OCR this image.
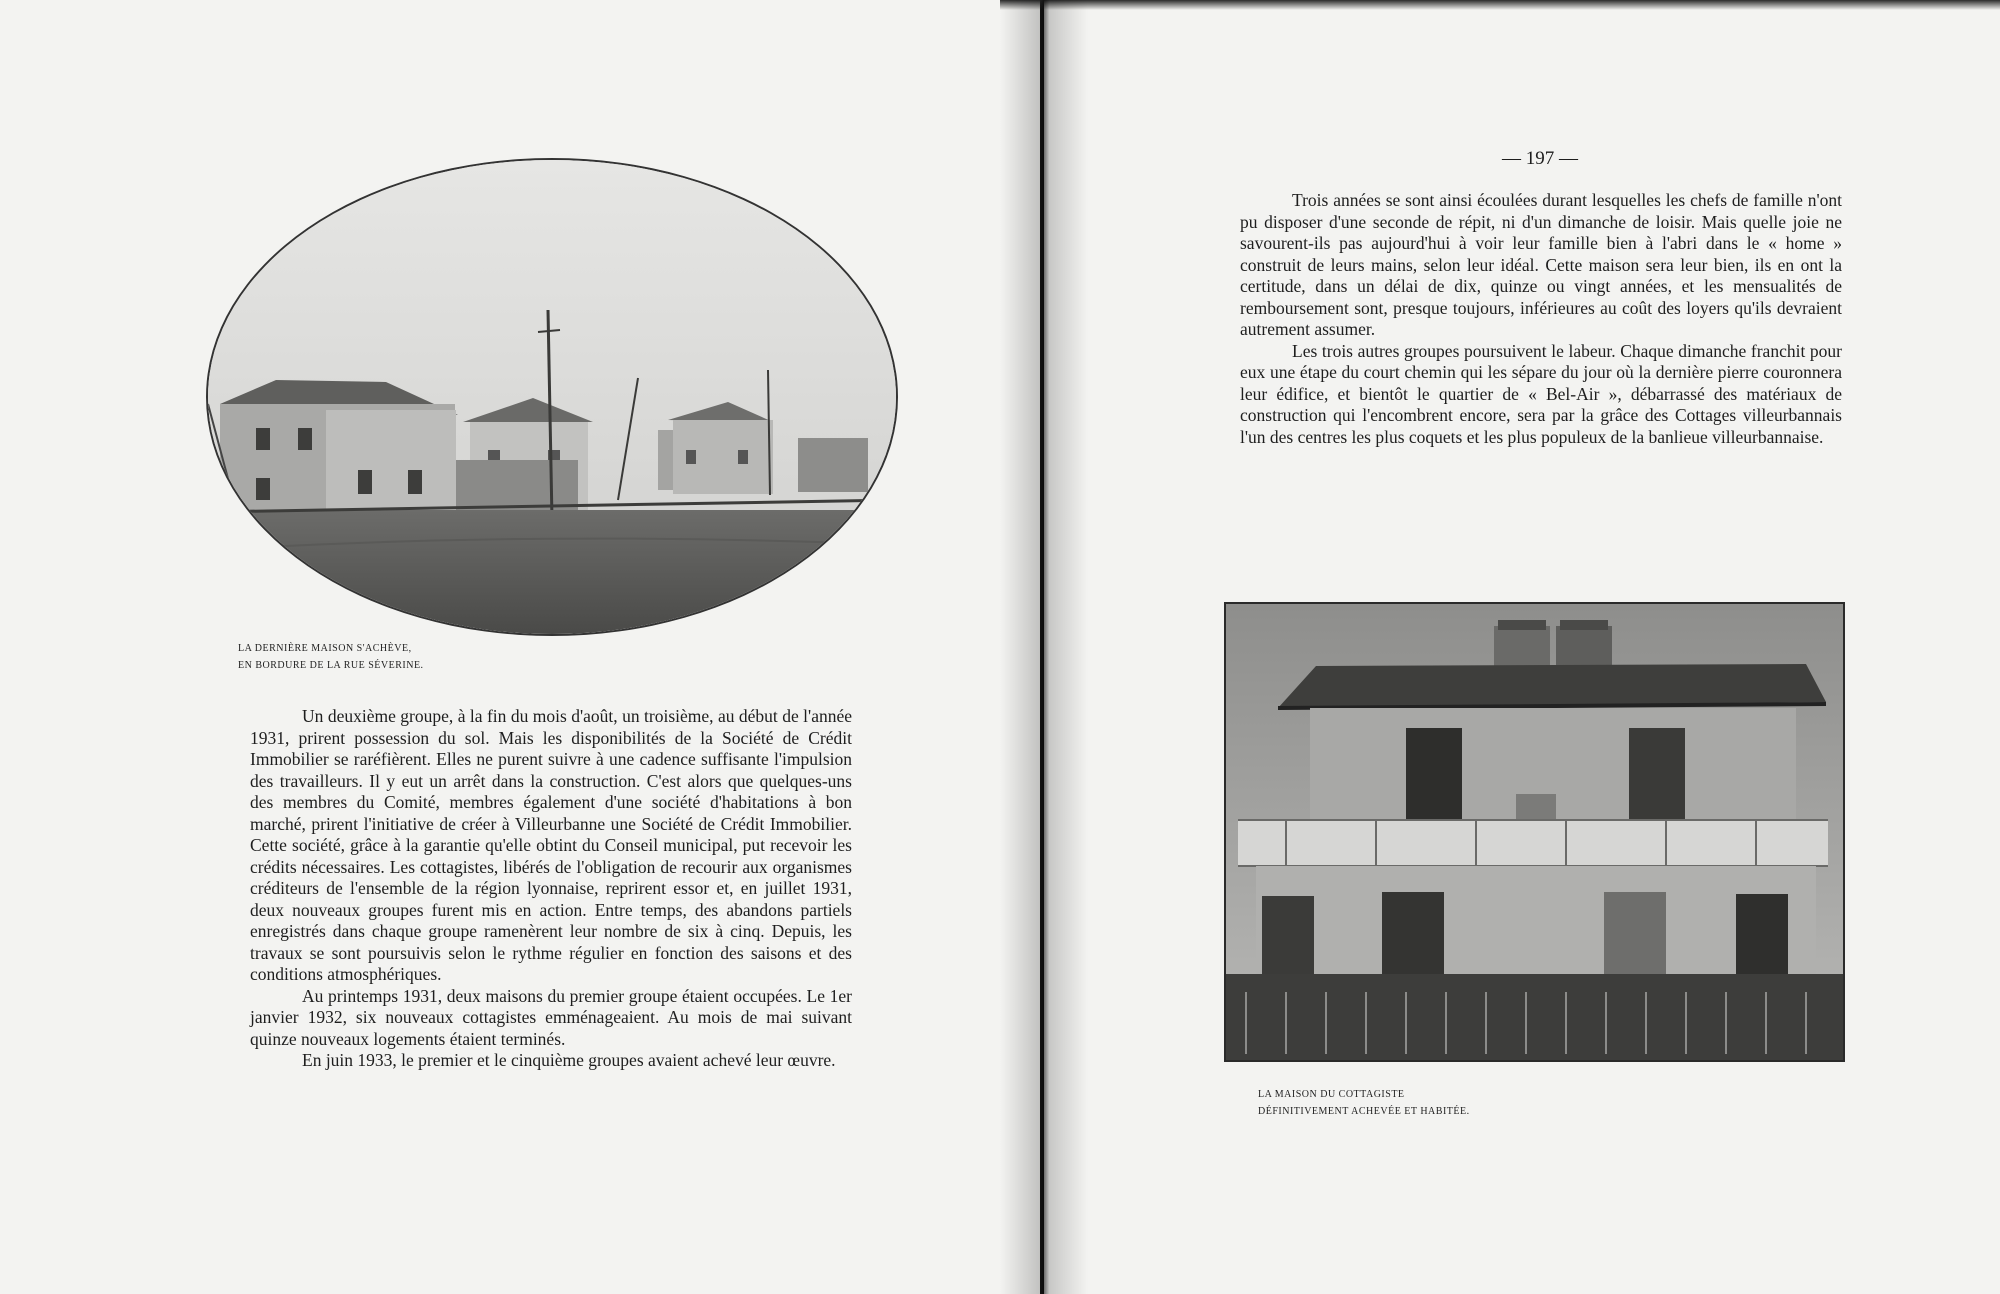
LA DERNIÈRE MAISON S'ACHÈVE,
EN BORDURE DE LA RUE SÉVERINE.

Un deuxième groupe, à la fin du mois d'août, un troisième, au début de l'année 1931, prirent possession du sol. Mais les disponibilités de la Société de Crédit Immobilier se raréfièrent. Elles ne purent suivre à une cadence suffisante l'impulsion des travailleurs. Il y eut un arrêt dans la construction. C'est alors que quelques-uns des membres du Comité, membres également d'une société d'habitations à bon marché, prirent l'initiative de créer à Villeurbanne une Société de Crédit Immobilier. Cette société, grâce à la garantie qu'elle obtint du Conseil municipal, put recevoir les crédits nécessaires. Les cottagistes, libérés de l'obligation de recourir aux organismes créditeurs de l'ensemble de la région lyonnaise, reprirent essor et, en juillet 1931, deux nouveaux groupes furent mis en action. Entre temps, des abandons partiels enregistrés dans chaque groupe ramenèrent leur nombre de six à cinq. Depuis, les travaux se sont poursuivis selon le rythme régulier en fonction des saisons et des conditions atmosphériques.

Au printemps 1931, deux maisons du premier groupe étaient occupées. Le 1er janvier 1932, six nouveaux cottagistes emménageaient. Au mois de mai suivant quinze nouveaux logements étaient terminés.

En juin 1933, le premier et le cinquième groupes avaient achevé leur œuvre.

— 197 —

Trois années se sont ainsi écoulées durant lesquelles les chefs de famille n'ont pu disposer d'une seconde de répit, ni d'un dimanche de loisir. Mais quelle joie ne savourent-ils pas aujourd'hui à voir leur famille bien à l'abri dans le « home » construit de leurs mains, selon leur idéal. Cette maison sera leur bien, ils en ont la certitude, dans un délai de dix, quinze ou vingt années, et les mensualités de remboursement sont, presque toujours, inférieures au coût des loyers qu'ils devraient autrement assumer.

Les trois autres groupes poursuivent le labeur. Chaque dimanche franchit pour eux une étape du court chemin qui les sépare du jour où la dernière pierre couronnera leur édifice, et bientôt le quartier de « Bel-Air », débarrassé des matériaux de construction qui l'encombrent encore, sera par la grâce des Cottages villeurbannais l'un des centres les plus coquets et les plus populeux de la banlieue villeurbannaise.

LA MAISON DU COTTAGISTE
DÉFINITIVEMENT ACHEVÉE ET HABITÉE.
